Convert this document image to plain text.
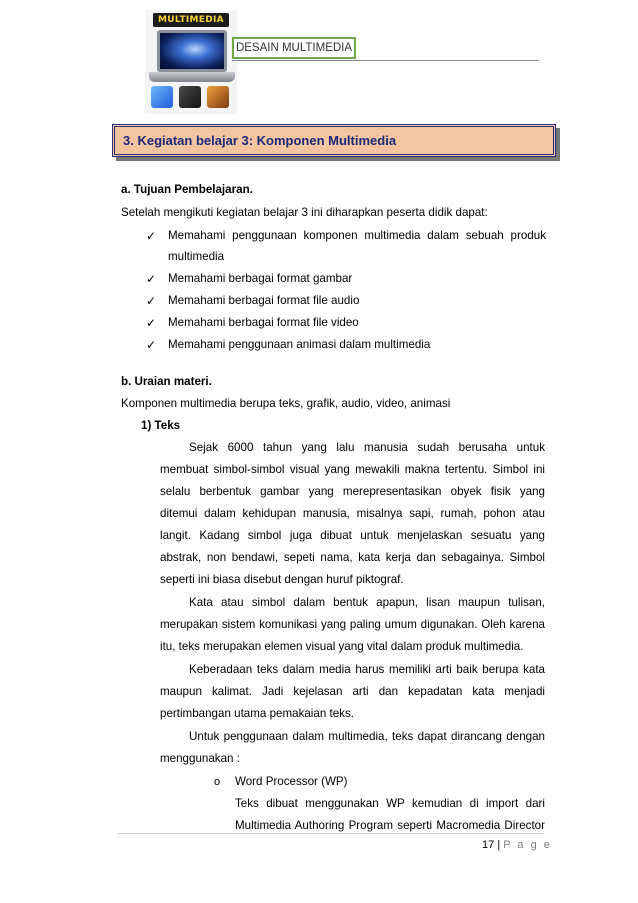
MULTIMEDIA
DESAIN MULTIMEDIA
3. Kegiatan belajar 3: Komponen Multimedia
a. Tujuan Pembelajaran.
Setelah mengikuti kegiatan belajar 3 ini diharapkan peserta didik dapat:
✓ Memahami penggunaan komponen multimedia dalam sebuah produk
multimedia
✓ Memahami berbagai format gambar
✓ Memahami berbagai format file audio
✓ Memahami berbagai format file video
✓ Memahami penggunaan animasi dalam multimedia
b. Uraian materi.
Komponen multimedia berupa teks, grafik, audio, video, animasi
1) Teks
Sejak 6000 tahun yang lalu manusia sudah berusaha untuk
membuat simbol-simbol visual yang mewakili makna tertentu. Simbol ini
selalu berbentuk gambar yang merepresentasikan obyek fisik yang
ditemui dalam kehidupan manusia, misalnya sapi, rumah, pohon atau
langit. Kadang simbol juga dibuat untuk menjelaskan sesuatu yang
abstrak, non bendawi, sepeti nama, kata kerja dan sebagainya. Simbol
seperti ini biasa disebut dengan huruf piktograf.
Kata atau simbol dalam bentuk apapun, lisan maupun tulisan,
merupakan sistem komunikasi yang paling umum digunakan. Oleh karena
itu, teks merupakan elemen visual yang vital dalam produk multimedia.
Keberadaan teks dalam media harus memiliki arti baik berupa kata
maupun kalimat. Jadi kejelasan arti dan kepadatan kata menjadi
pertimbangan utama pemakaian teks.
Untuk penggunaan dalam multimedia, teks dapat dirancang dengan
menggunakan :
o Word Processor (WP)
Teks dibuat menggunakan WP kemudian di import dari
Multimedia Authoring Program seperti Macromedia Director
17 | P a g e
